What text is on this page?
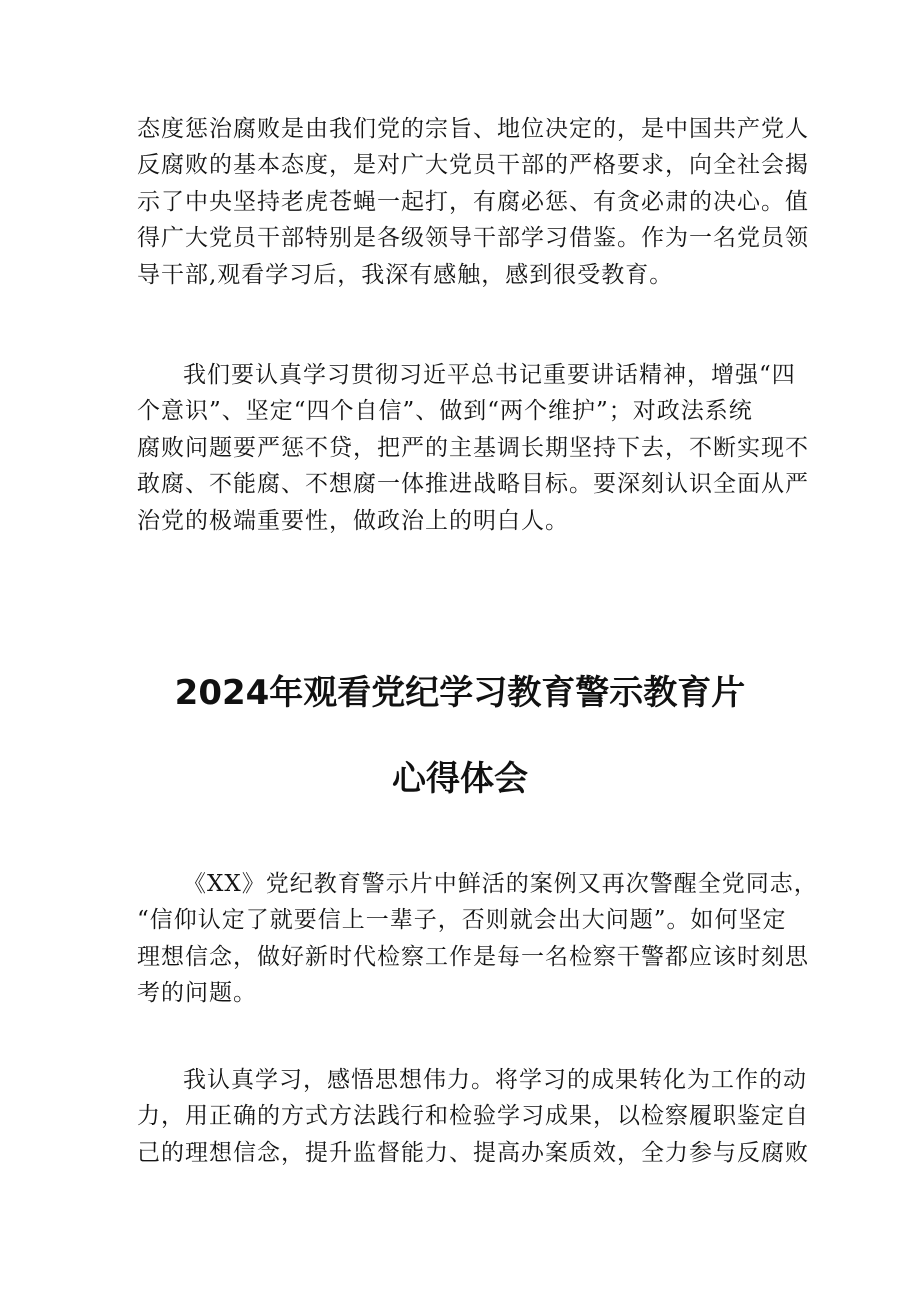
态度惩治腐败是由我们党的宗旨、地位决定的，是中国共产党人
反腐败的基本态度，是对广大党员干部的严格要求，向全社会揭
示了中央坚持老虎苍蝇一起打，有腐必惩、有贪必肃的决心。值
得广大党员干部特别是各级领导干部学习借鉴。作为一名党员领
导干部,观看学习后，我深有感触，感到很受教育。

我们要认真学习贯彻习近平总书记重要讲话精神，增强“四
个意识”、坚定“四个自信”、做到“两个维护”；对政法系统
腐败问题要严惩不贷，把严的主基调长期坚持下去，不断实现不
敢腐、不能腐、不想腐一体推进战略目标。要深刻认识全面从严
治党的极端重要性，做政治上的明白人。

2024年观看党纪学习教育警示教育片
心得体会

《XX》党纪教育警示片中鲜活的案例又再次警醒全党同志，
“信仰认定了就要信上一辈子，否则就会出大问题”。如何坚定
理想信念，做好新时代检察工作是每一名检察干警都应该时刻思
考的问题。

我认真学习，感悟思想伟力。将学习的成果转化为工作的动
力，用正确的方式方法践行和检验学习成果，以检察履职鉴定自
己的理想信念，提升监督能力、提高办案质效，全力参与反腐败
